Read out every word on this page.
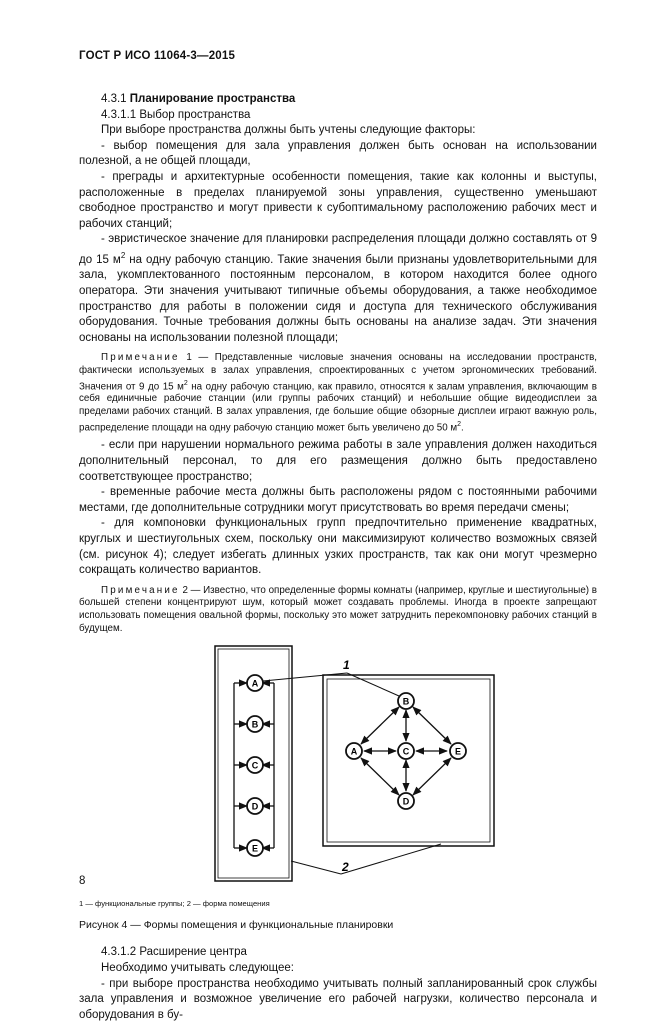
ГОСТ Р ИСО 11064-3—2015

4.3.1 Планирование пространства

4.3.1.1 Выбор пространства

При выборе пространства должны быть учтены следующие факторы:

- выбор помещения для зала управления должен быть основан на использовании полезной, а не общей площади,

- преграды и архитектурные особенности помещения, такие как колонны и выступы, расположенные в пределах планируемой зоны управления, существенно уменьшают свободное пространство и могут привести к субоптимальному расположению рабочих мест и рабочих станций;

- эвристическое значение для планировки распределения площади должно составлять от 9 до 15 $м^2$ на одну рабочую станцию. Такие значения были признаны удовлетворительными для зала, укомплектованного постоянным персоналом, в котором находится более одного оператора. Эти значения учитывают типичные объемы оборудования, а также необходимое пространство для работы в положении сидя и доступа для технического обслуживания оборудования. Точные требования должны быть основаны на анализе задач. Эти значения основаны на использовании полезной площади;

Примечание 1 — Представленные числовые значения основаны на исследовании пространств, фактически используемых в залах управления, спроектированных с учетом эргономических требований. Значения от 9 до 15 $м^2$ на одну рабочую станцию, как правило, относятся к залам управления, включающим в себя единичные рабочие станции (или группы рабочих станций) и небольшие общие видеодисплеи за пределами рабочих станций. В залах управления, где большие общие обзорные дисплеи играют важную роль, распределение площади на одну рабочую станцию может быть увеличено до 50 $м^2$.

- если при нарушении нормального режима работы в зале управления должен находиться дополнительный персонал, то для его размещения должно быть предоставлено соответствующее пространство;

- временные рабочие места должны быть расположены рядом с постоянными рабочими местами, где дополнительные сотрудники могут присутствовать во время передачи смены;

- для компоновки функциональных групп предпочтительно применение квадратных, круглых и шестиугольных схем, поскольку они максимизируют количество возможных связей (см. рисунок 4); следует избегать длинных узких пространств, так как они могут чрезмерно сокращать количество вариантов.

Примечание 2 — Известно, что определенные формы комнаты (например, круглые и шестиугольные) в большей степени концентрируют шум, который может создавать проблемы. Иногда в проекте запрещают использовать помещения овальной формы, поскольку это может затруднить перекомпоновку рабочих станций в будущем.

A
B
C
D
E
B
A	C	E
D
1
2

1 — функциональные группы; 2 — форма помещения

Рисунок 4 — Формы помещения и функциональные планировки

4.3.1.2 Расширение центра

Необходимо учитывать следующее:

- при выборе пространства необходимо учитывать полный запланированный срок службы зала управления и возможное увеличение его рабочей нагрузки, количество персонала и оборудования в бу-

8
